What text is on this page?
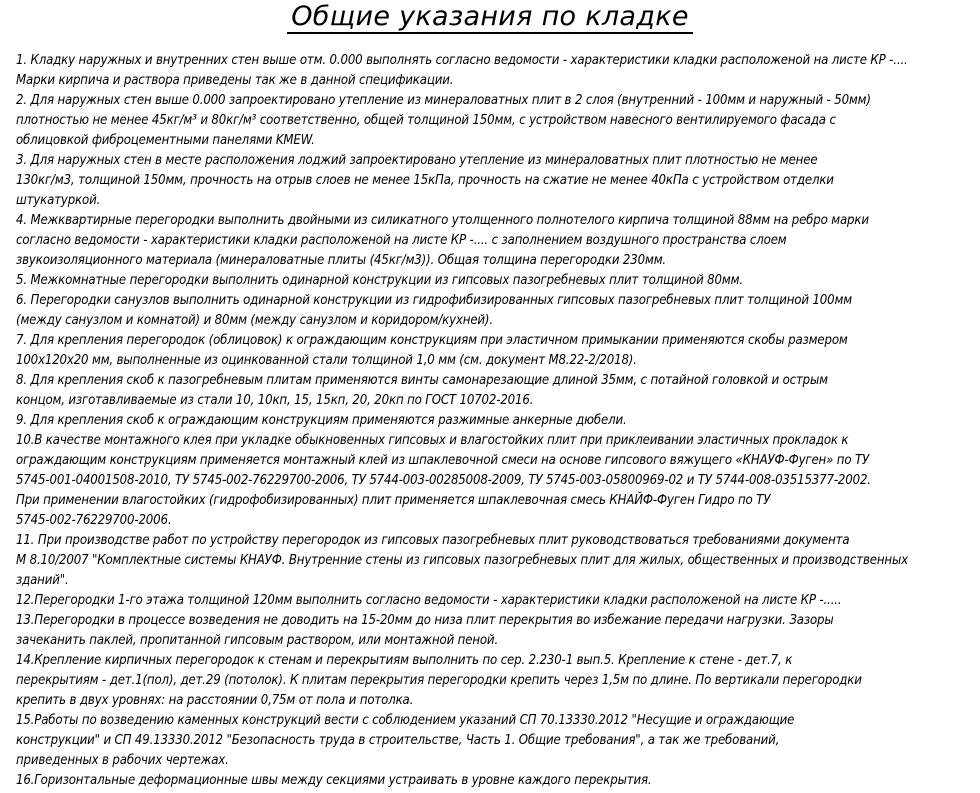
Общие указания по кладке
1. Кладку наружных и внутренних стен выше отм. 0.000 выполнять согласно ведомости - характеристики кладки расположеной на листе КР -....
Марки кирпича и раствора приведены так же в данной спецификации.
2. Для наружных стен выше 0.000 запроектировано утепление из минераловатных плит в 2 слоя (внутренний - 100мм и наружный - 50мм)
плотностью не менее 45кг/м³ и 80кг/м³ соответственно, общей толщиной 150мм, с устройством навесного вентилируемого фасада с
облицовкой фиброцементными панелями KMEW.
3. Для наружных стен в месте расположения лоджий запроектировано утепление из минераловатных плит плотностью не менее
130кг/м3, толщиной 150мм, прочность на отрыв слоев не менее 15кПа, прочность на сжатие не менее 40кПа с устройством отделки
штукатуркой.
4. Межквартирные перегородки выполнить двойными из силикатного утолщенного полнотелого кирпича толщиной 88мм на ребро марки
согласно ведомости - характеристики кладки расположеной на листе КР -.... с заполнением воздушного пространства слоем
звукоизоляционного материала (минераловатные плиты (45кг/м3)). Общая толщина перегородки 230мм.
5. Межкомнатные перегородки выполнить одинарной конструкции из гипсовых пазогребневых плит толщиной 80мм.
6. Перегородки санузлов выполнить одинарной конструкции из гидрофибизированных гипсовых пазогребневых плит толщиной 100мм
(между санузлом и комнатой) и 80мм (между санузлом и коридором/кухней).
7. Для крепления перегородок (облицовок) к ограждающим конструкциям при эластичном примыкании применяются скобы размером
100x120x20 мм, выполненные из оцинкованной стали толщиной 1,0 мм (см. документ М8.22-2/2018).
8. Для крепления скоб к пазогребневым плитам применяются винты самонарезающие длиной 35мм, с потайной головкой и острым
концом, изготавливаемые из стали 10, 10кп, 15, 15кп, 20, 20кп по ГОСТ 10702-2016.
9. Для крепления скоб к ограждающим конструкциям применяются разжимные анкерные дюбели.
10.В качестве монтажного клея при укладке обыкновенных гипсовых и влагостойких плит при приклеивании эластичных прокладок к
ограждающим конструкциям применяется монтажный клей из шпаклевочной смеси на основе гипсового вяжущего «КНАУФ-Фуген» по ТУ
5745-001-04001508-2010, ТУ 5745-002-76229700-2006, ТУ 5744-003-00285008-2009, ТУ 5745-003-05800969-02 и ТУ 5744-008-03515377-2002.
При применении влагостойких (гидрофобизированных) плит применяется шпаклевочная смесь КНАЙФ-Фуген Гидро по ТУ
5745-002-76229700-2006.
11. При производстве работ по устройству перегородок из гипсовых пазогребневых плит руководствоваться требованиями документа
М 8.10/2007 "Комплектные системы КНАУФ. Внутренние стены из гипсовых пазогребневых плит для жилых, общественных и производственных
зданий".
12.Перегородки 1-го этажа толщиной 120мм выполнить согласно ведомости - характеристики кладки расположеной на листе КР -.....
13.Перегородки в процессе возведения не доводить на 15-20мм до низа плит перекрытия во избежание передачи нагрузки. Зазоры
зачеканить паклей, пропитанной гипсовым раствором, или монтажной пеной.
14.Крепление кирпичных перегородок к стенам и перекрытиям выполнить по сер. 2.230-1 вып.5. Крепление к стене - дет.7, к
перекрытиям - дет.1(пол), дет.29 (потолок). К плитам перекрытия перегородки крепить через 1,5м по длине. По вертикали перегородки
крепить в двух уровнях: на расстоянии 0,75м от пола и потолка.
15.Работы по возведению каменных конструкций вести с соблюдением указаний СП 70.13330.2012 "Несущие и ограждающие
конструкции" и СП 49.13330.2012 "Безопасность труда в строительстве, Часть 1. Общие требования", а так же требований,
приведенных в рабочих чертежах.
16.Горизонтальные деформационные швы между секциями устраивать в уровне каждого перекрытия.
